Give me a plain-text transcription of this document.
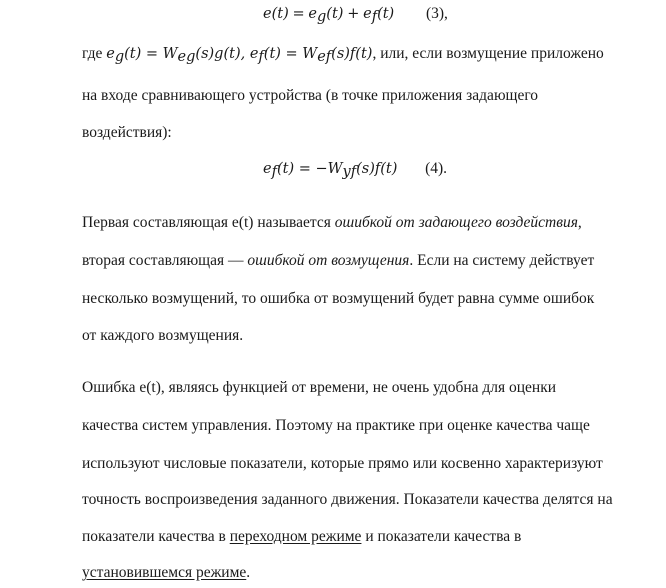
$e(t) = e_g(t) + e_f(t)$ (3),
где $e_g(t) = W_{eg}(s)g(t)$, $e_f(t) = W_{ef}(s)f(t)$, или, если возмущение приложено
на входе сравнивающего устройства (в точке приложения задающего
воздействия):
$e_f(t) = -W_{yf}(s)f(t)$ (4).
Первая составляющая e(t) называется ошибкой от задающего воздействия,
вторая составляющая — ошибкой от возмущения. Если на систему действует
несколько возмущений, то ошибка от возмущений будет равна сумме ошибок
от каждого возмущения.
Ошибка e(t), являясь функцией от времени, не очень удобна для оценки
качества систем управления. Поэтому на практике при оценке качества чаще
используют числовые показатели, которые прямо или косвенно характеризуют
точность воспроизведения заданного движения. Показатели качества делятся на
показатели качества в переходном режиме и показатели качества в
установившемся режиме.
